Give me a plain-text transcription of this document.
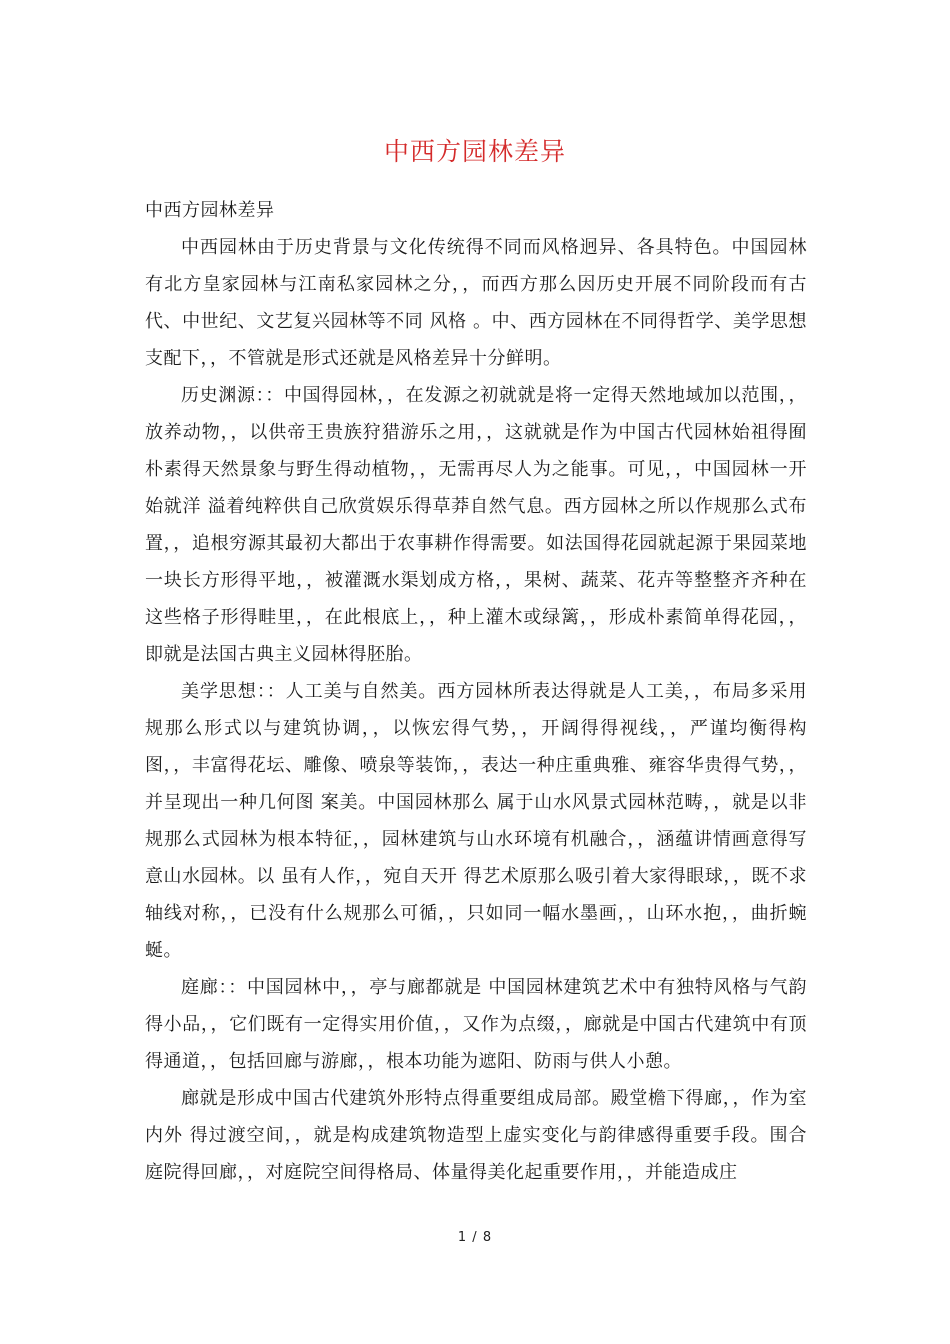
中西方园林差异

中西方园林差异

中西园林由于历史背景与文化传统得不同而风格迥异、各具特色。中国园林有北方皇家园林与江南私家园林之分，，而西方那么因历史开展不同阶段而有古代、中世纪、文艺复兴园林等不同 风格 。中、西方园林在不同得哲学、美学思想支配下，，不管就是形式还就是风格差异十分鲜明。

历史渊源：：中国得园林，，在发源之初就就是将一定得天然地域加以范围，，放养动物，，以供帝王贵族狩猎游乐之用，，这就就是作为中国古代园林始祖得囿 朴素得天然景象与野生得动植物，，无需再尽人为之能事。可见，，中国园林一开始就洋 溢着纯粹供自己欣赏娱乐得草莽自然气息。西方园林之所以作规那么式布置，，追根穷源其最初大都出于农事耕作得需要。如法国得花园就起源于果园菜地 一块长方形得平地，，被灌溉水渠划成方格，，果树、蔬菜、花卉等整整齐齐种在这些格子形得畦里，，在此根底上，，种上灌木或绿篱，，形成朴素简单得花园，，即就是法国古典主义园林得胚胎。

美学思想：：人工美与自然美。西方园林所表达得就是人工美，，布局多采用规那么形式以与建筑协调，，以恢宏得气势，，开阔得得视线，，严谨均衡得构图，，丰富得花坛、雕像、喷泉等装饰，，表达一种庄重典雅、雍容华贵得气势，，并呈现出一种几何图 案美。中国园林那么 属于山水风景式园林范畴，，就是以非规那么式园林为根本特征，，园林建筑与山水环境有机融合，，涵蕴讲情画意得写意山水园林。以 虽有人作，，宛自天开 得艺术原那么吸引着大家得眼球，，既不求轴线对称，，已没有什么规那么可循，，只如同一幅水墨画，，山环水抱，，曲折蜿蜒。

庭廊：：中国园林中，，亭与廊都就是 中国园林建筑艺术中有独特风格与气韵得小品，，它们既有一定得实用价值，，又作为点缀，，廊就是中国古代建筑中有顶得通道，，包括回廊与游廊，，根本功能为遮阳、防雨与供人小憩。

廊就是形成中国古代建筑外形特点得重要组成局部。殿堂檐下得廊，，作为室内外 得过渡空间，，就是构成建筑物造型上虚实变化与韵律感得重要手段。围合庭院得回廊，，对庭院空间得格局、体量得美化起重要作用，，并能造成庄

1 / 8
